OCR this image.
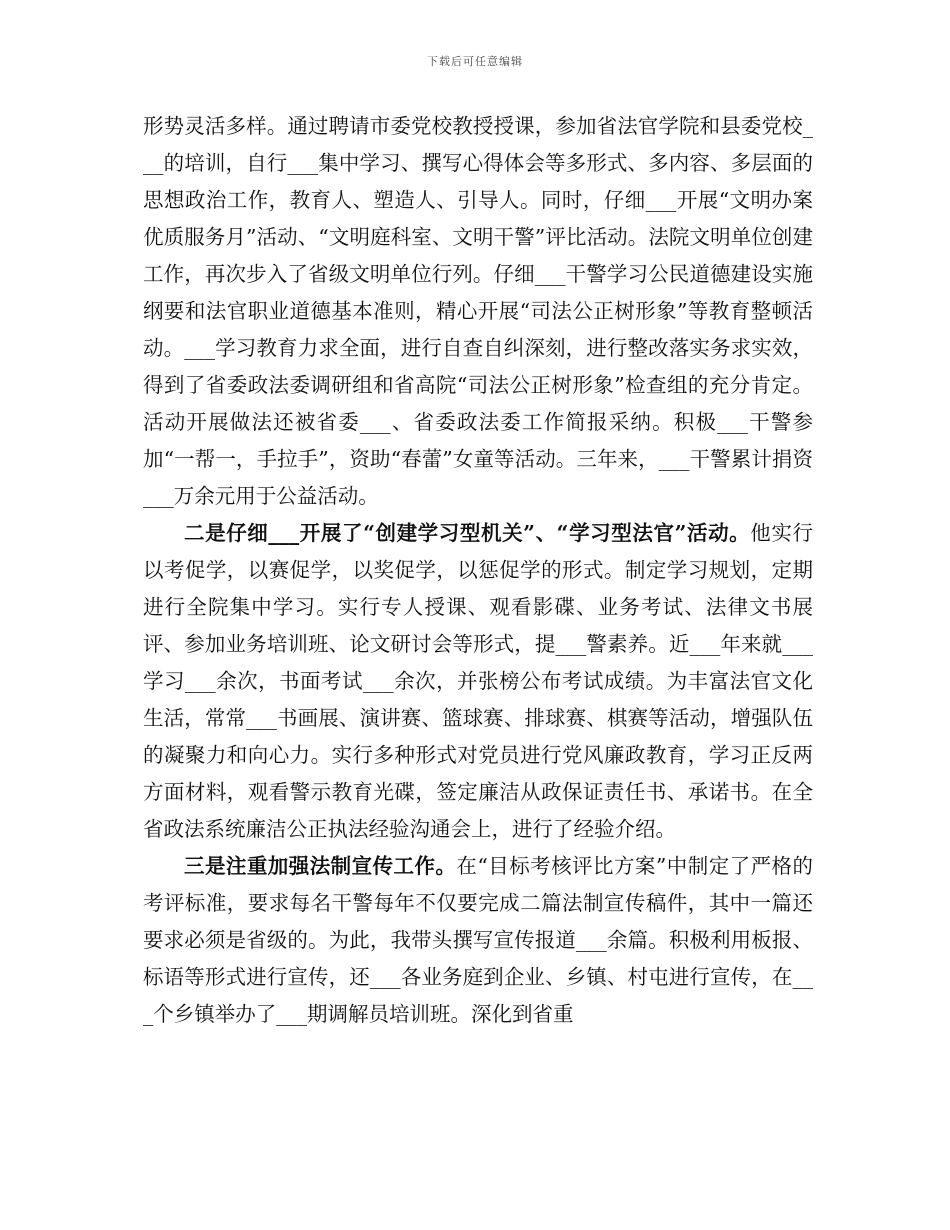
下载后可任意编辑

形势灵活多样。通过聘请市委党校教授授课，参加省法官学院和县委党校___的培训，自行___集中学习、撰写心得体会等多形式、多内容、多层面的思想政治工作，教育人、塑造人、引导人。同时，仔细___开展“文明办案优质服务月”活动、“文明庭科室、文明干警”评比活动。法院文明单位创建工作，再次步入了省级文明单位行列。仔细___干警学习公民道德建设实施纲要和法官职业道德基本准则，精心开展“司法公正树形象”等教育整顿活动。___学习教育力求全面，进行自查自纠深刻，进行整改落实务求实效，得到了省委政法委调研组和省高院“司法公正树形象”检查组的充分肯定。活动开展做法还被省委___、省委政法委工作简报采纳。积极___干警参加“一帮一，手拉手”，资助“春蕾”女童等活动。三年来，___干警累计捐资___万余元用于公益活动。

二是仔细___开展了“创建学习型机关”、“学习型法官”活动。他实行以考促学，以赛促学，以奖促学，以惩促学的形式。制定学习规划，定期进行全院集中学习。实行专人授课、观看影碟、业务考试、法律文书展评、参加业务培训班、论文研讨会等形式，提___警素养。近___年来就___学习___余次，书面考试___余次，并张榜公布考试成绩。为丰富法官文化生活，常常___书画展、演讲赛、篮球赛、排球赛、棋赛等活动，增强队伍的凝聚力和向心力。实行多种形式对党员进行党风廉政教育，学习正反两方面材料，观看警示教育光碟，签定廉洁从政保证责任书、承诺书。在全省政法系统廉洁公正执法经验沟通会上，进行了经验介绍。

三是注重加强法制宣传工作。在“目标考核评比方案”中制定了严格的考评标准，要求每名干警每年不仅要完成二篇法制宣传稿件，其中一篇还要求必须是省级的。为此，我带头撰写宣传报道___余篇。积极利用板报、标语等形式进行宣传，还___各业务庭到企业、乡镇、村屯进行宣传，在___个乡镇举办了___期调解员培训班。深化到省重
